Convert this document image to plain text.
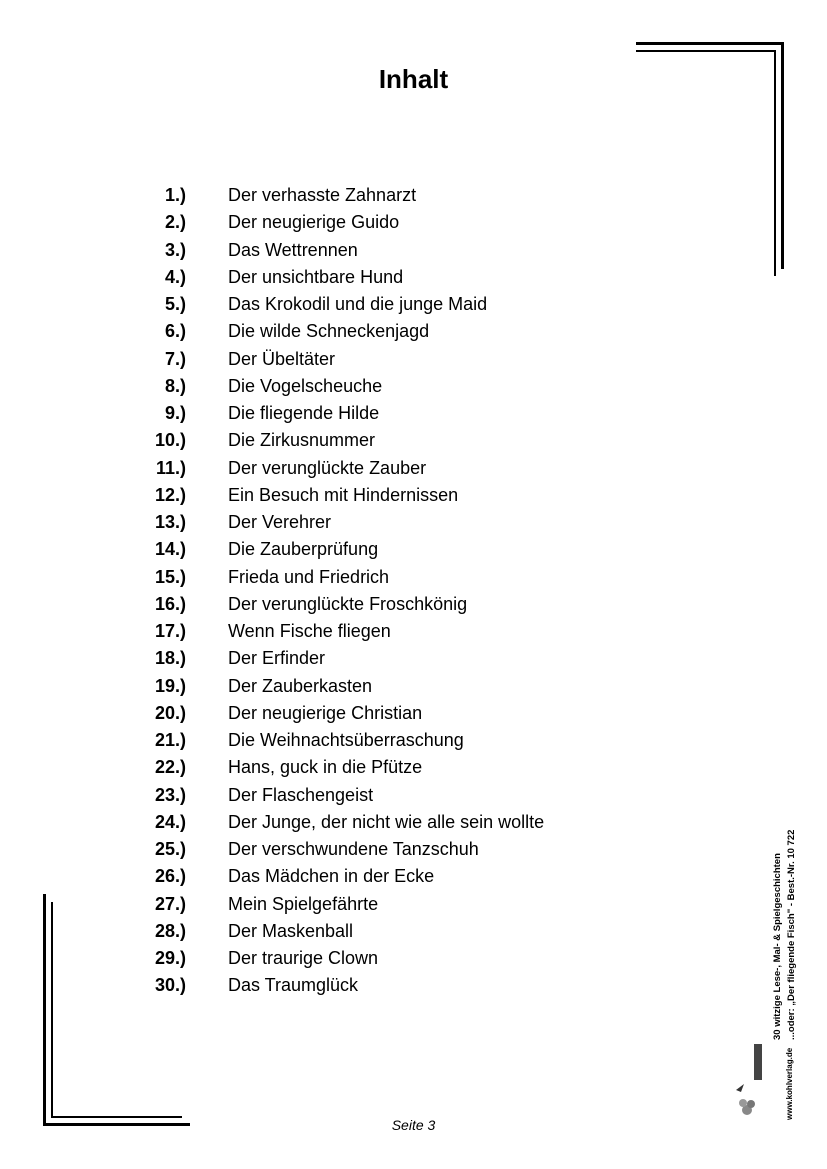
Inhalt
1.) Der verhasste Zahnarzt
2.) Der neugierige Guido
3.) Das Wettrennen
4.) Der unsichtbare Hund
5.) Das Krokodil und die junge Maid
6.) Die wilde Schneckenjagd
7.) Der Übeltäter
8.) Die Vogelscheuche
9.) Die fliegende Hilde
10.) Die Zirkusnummer
11.) Der verunglückte Zauber
12.) Ein Besuch mit Hindernissen
13.) Der Verehrer
14.) Die Zauberprüfung
15.) Frieda und Friedrich
16.) Der verunglückte Froschkönig
17.) Wenn Fische fliegen
18.) Der Erfinder
19.) Der Zauberkasten
20.) Der neugierige Christian
21.) Die Weihnachtsüberraschung
22.) Hans, guck in die Pfütze
23.) Der Flaschengeist
24.) Der Junge, der nicht wie alle sein wollte
25.) Der verschwundene Tanzschuh
26.) Das Mädchen in der Ecke
27.) Mein Spielgefährte
28.) Der Maskenball
29.) Der traurige Clown
30.) Das Traumglück
Seite 3
30 witzige Lese-, Mal- & Spielgeschichten ...oder: „Der fliegende Fisch" - Best.-Nr. 10 722
www.kohlverlag.de
